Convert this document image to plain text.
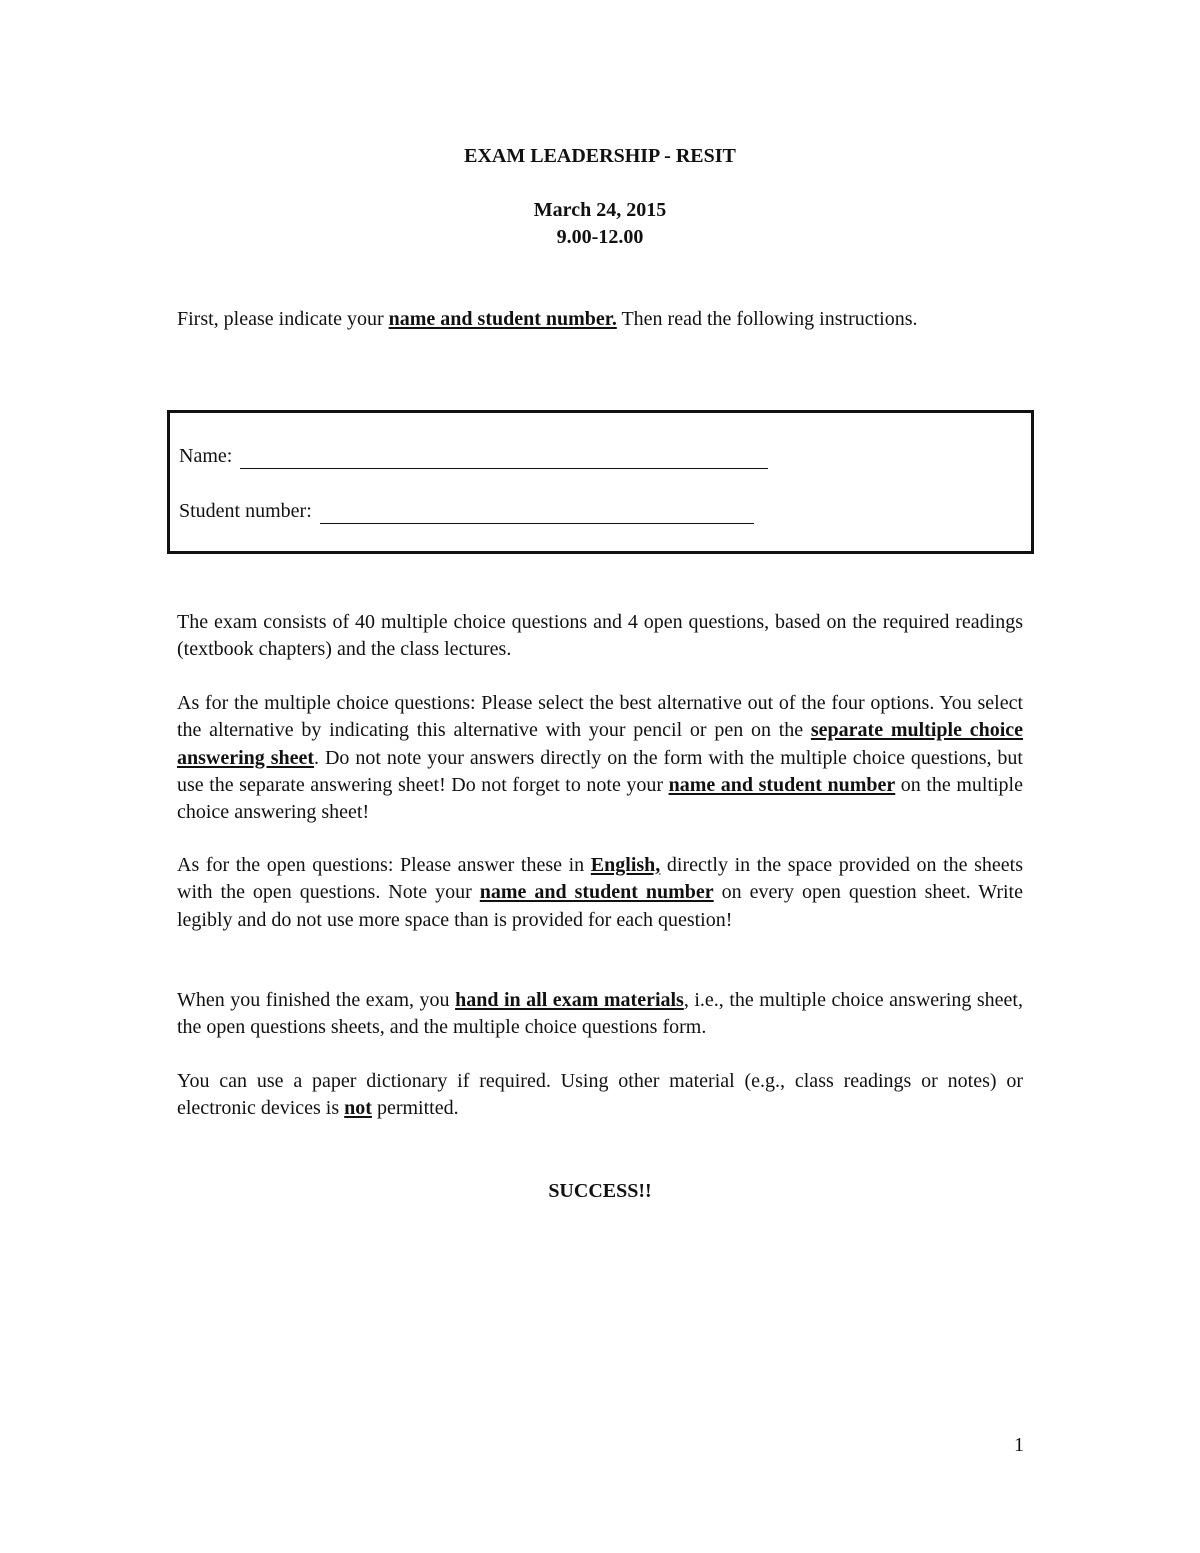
EXAM LEADERSHIP - RESIT
March 24, 2015
9.00-12.00

First, please indicate your name and student number. Then read the following instructions.

Name:
Student number:

The exam consists of 40 multiple choice questions and 4 open questions, based on the required readings (textbook chapters) and the class lectures.

As for the multiple choice questions: Please select the best alternative out of the four options. You select the alternative by indicating this alternative with your pencil or pen on the separate multiple choice answering sheet. Do not note your answers directly on the form with the multiple choice questions, but use the separate answering sheet! Do not forget to note your name and student number on the multiple choice answering sheet!

As for the open questions: Please answer these in English, directly in the space provided on the sheets with the open questions. Note your name and student number on every open question sheet. Write legibly and do not use more space than is provided for each question!

When you finished the exam, you hand in all exam materials, i.e., the multiple choice answering sheet, the open questions sheets, and the multiple choice questions form.

You can use a paper dictionary if required. Using other material (e.g., class readings or notes) or electronic devices is not permitted.

SUCCESS!!
1
